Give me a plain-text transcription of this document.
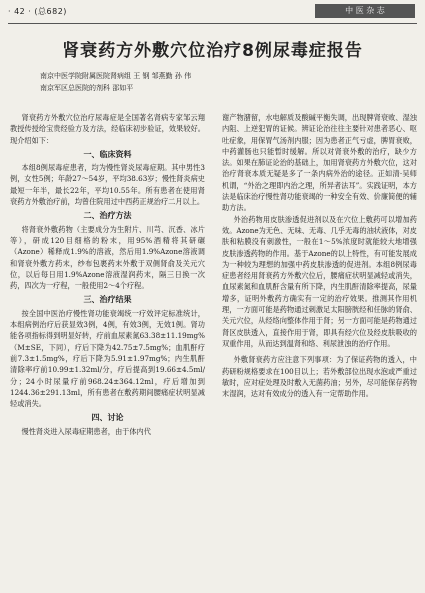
· 42 · (总682)	中 医 杂 志
肾衰药方外敷穴位治疗8例尿毒症报告
南京中医学院附属医院肾病组 王 钢 邹燕勤 孙 伟
南京军区总医院的剂科 邵如平

肾衰药方外敷穴位治疗尿毒症是全国著名肾病专家邹云翔教授传授给宝贵经验方及方法，经临床初步验证，效果较好。现介绍如下：

一、临床资料

本组8例尿毒症患者，均为慢性肾炎尿毒症期。其中男性3例，女性5例；年龄27～54岁，平均38.63岁；慢性肾炎病史最短一年半，最长22年，平均10.55年。所有患者在使用肾衰药方外敷治疗前，均曾住院用过中西药正规治疗二月以上。

二、治疗方法

将肾衰外敷药物（主要成分为生附片、川芎、沉香、冰片等），研成120目细格的粉末，用95%酒精将其研碾（Azone）稀释成1.9%的溶液，然后用1.9%Azone溶液调和肾衰外敷方药末，纱布包裹药末外敷于双侧肾俞及关元穴位，以后每日用1.9%Azone溶液湿润药末，隔三日换一次药，四次为一疗程，一般使用2～4个疗程。

三、治疗结果

按全国中医治疗慢性肾功能衰竭统一疗效评定标准统计，本组病例治疗后获显效3例，4例，有效3例，无效1例。肾功能各项指标得到明显好转，疗前血尿素氮63.38±11.19mg%（M±SE，下同），疗后下降为42.75±7.5mg%；血肌酐疗前7.3±1.5mg%，疗后下降为5.91±1.97mg%；内生肌酐清除率疗前10.99±1.32ml/分，疗后提高到19.66±4.5ml/分；24小时尿量疗前968.24±364.12ml，疗后增加到1244.36±291.13ml，所有患者在敷药期间腰痛症状明显减轻或消失。

四、讨论

慢性肾炎进入尿毒症期患者，由于体内代

谢产物潴留，水电解质及酸碱平衡失调，出现脾肾衰败、湿浊内阻、上逆犯胃的证候。辨证论治往往主要针对患者恶心、呕吐症象，用保胃气汤剂内服；因为患者正气亏虚，脾胃衰败，中药灌肠也只能暂时缓解。所以对肾衰外敷的治疗，缺少方法。如果在肺证论治的基础上，加用肾衰药方外敷穴位，这对治疗肾衰本质无疑是多了一条内病外治的途径。正如清·吴师机谓，“外治之理即内治之理，所异者法耳”。实践证明，本方法是临床治疗慢性肾功能衰竭的一种安全有效、价廉简便的辅助方法。

外治药物用皮肤渗透促进剂以及在穴位上敷药可以增加药效。Azone为无色、无味、无毒、几乎无毒的油状液体，对皮肤和粘膜没有刺激性，一般在1～5%浓度时就能较大地增强皮肤渗透药物的作用。基于Azone的以上特性，有可能发展成为一种较为理想的加强中药皮肤渗透的促进剂。本组8例尿毒症患者经用肾衰药方外敷穴位后，腰痛症状明显减轻或消失，血尿素氮和血肌酐含量有所下降，内生肌酐清除率提高，尿量增多，证明外敷药方确实有一定的治疗效果。推测其作用机理，一方面可能是药物通过刺激足太阳膀胱经和任脉的肾俞、关元穴位，从经络向整体作用于肾；另一方面可能是药物通过肾区皮肤透入，直接作用于肾，即具有经穴位及经皮肤吸收的双重作用，从而达到温肾和络、利尿泄浊的治疗作用。

外敷肾衰药方应注意下列事项：为了保证药物的透入，中药研粉规格要求在100目以上；若外敷部位出现水泡或严重过敏时，应对症处理及时敷入无菌药油；另外，尽可能保存药物末湿润，达对有效成分的透入有一定帮助作用。
